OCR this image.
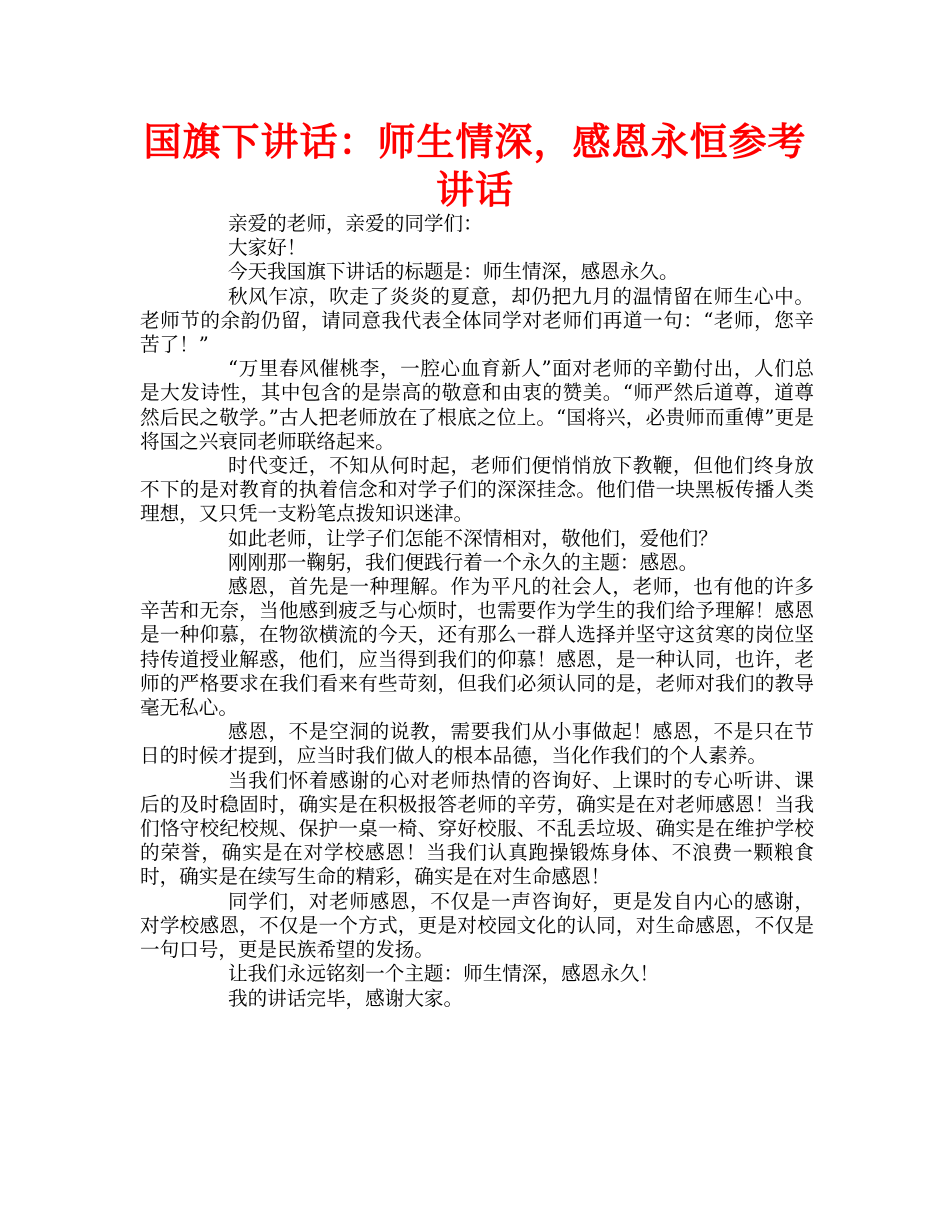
国旗下讲话：师生情深，感恩永恒参考讲话

亲爱的老师，亲爱的同学们：

大家好！

今天我国旗下讲话的标题是：师生情深，感恩永久。

秋风乍凉，吹走了炎炎的夏意，却仍把九月的温情留在师生心中。老师节的余韵仍留，请同意我代表全体同学对老师们再道一句：“老师，您辛苦了！”

“万里春风催桃李，一腔心血育新人”面对老师的辛勤付出，人们总是大发诗性，其中包含的是崇高的敬意和由衷的赞美。“师严然后道尊，道尊然后民之敬学。”古人把老师放在了根底之位上。“国将兴，必贵师而重傅”更是将国之兴衰同老师联络起来。

时代变迁，不知从何时起，老师们便悄悄放下教鞭，但他们终身放不下的是对教育的执着信念和对学子们的深深挂念。他们借一块黑板传播人类理想，又只凭一支粉笔点拨知识迷津。

如此老师，让学子们怎能不深情相对，敬他们，爱他们？

刚刚那一鞠躬，我们便践行着一个永久的主题：感恩。

感恩，首先是一种理解。作为平凡的社会人，老师，也有他的许多辛苦和无奈，当他感到疲乏与心烦时，也需要作为学生的我们给予理解！感恩是一种仰慕，在物欲横流的今天，还有那么一群人选择并坚守这贫寒的岗位坚持传道授业解惑，他们，应当得到我们的仰慕！感恩，是一种认同，也许，老师的严格要求在我们看来有些苛刻，但我们必须认同的是，老师对我们的教导毫无私心。

感恩，不是空洞的说教，需要我们从小事做起！感恩，不是只在节日的时候才提到，应当时我们做人的根本品德，当化作我们的个人素养。

当我们怀着感谢的心对老师热情的咨询好、上课时的专心听讲、课后的及时稳固时，确实是在积极报答老师的辛劳，确实是在对老师感恩！当我们恪守校纪校规、保护一桌一椅、穿好校服、不乱丢垃圾、确实是在维护学校的荣誉，确实是在对学校感恩！当我们认真跑操锻炼身体、不浪费一颗粮食时，确实是在续写生命的精彩，确实是在对生命感恩！

同学们，对老师感恩，不仅是一声咨询好，更是发自内心的感谢，对学校感恩，不仅是一个方式，更是对校园文化的认同，对生命感恩，不仅是一句口号，更是民族希望的发扬。

让我们永远铭刻一个主题：师生情深，感恩永久！

我的讲话完毕，感谢大家。
